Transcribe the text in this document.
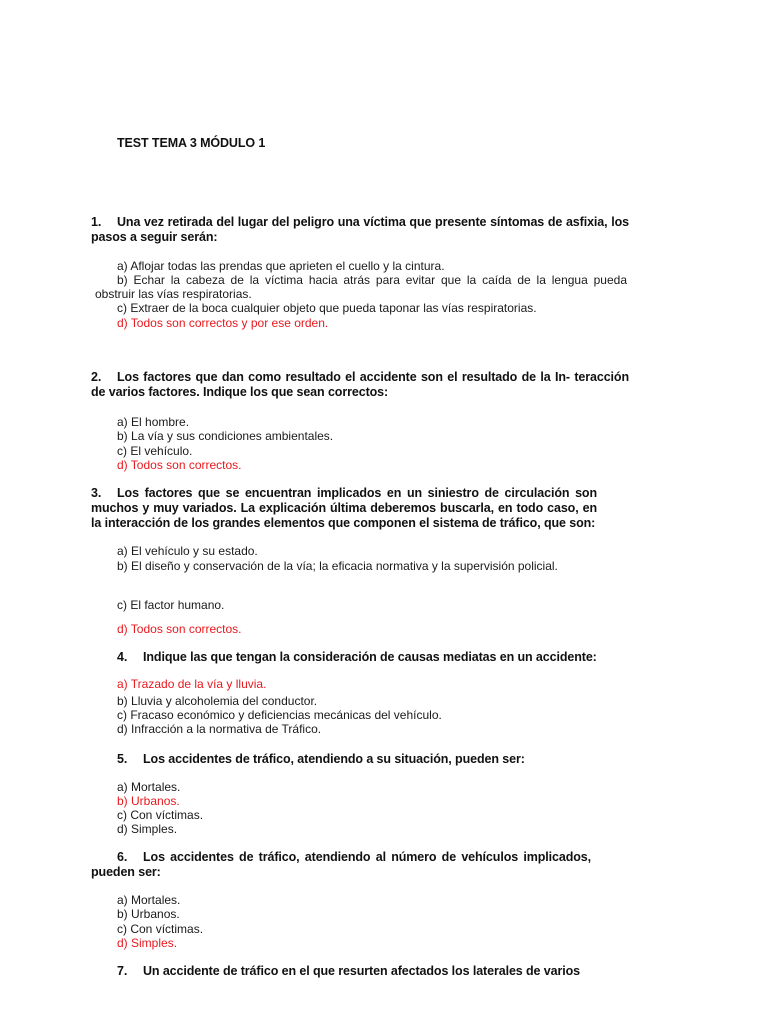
TEST TEMA 3 MÓDULO 1
1. Una vez retirada del lugar del peligro una víctima que presente síntomas de asfixia, los pasos a seguir serán:
a) Aflojar todas las prendas que aprieten el cuello y la cintura.
b) Echar la cabeza de la víctima hacia atrás para evitar que la caída de la lengua pueda obstruir las vías respiratorias.
c) Extraer de la boca cualquier objeto que pueda taponar las vías respiratorias.
d) Todos son correctos y por ese orden.
2. Los factores que dan como resultado el accidente son el resultado de la In- teracción de varios factores. Indique los que sean correctos:
a) El hombre.
b) La vía y sus condiciones ambientales.
c) El vehículo.
d) Todos son correctos.
3. Los factores que se encuentran implicados en un siniestro de circulación son muchos y muy variados. La explicación última deberemos buscarla, en todo caso, en la interacción de los grandes elementos que componen el sistema de tráfico, que son:
a) El vehículo y su estado.
b) El diseño y conservación de la vía; la eficacia normativa y la supervisión policial.
c) El factor humano.
d) Todos son correctos.
4. Indique las que tengan la consideración de causas mediatas en un accidente:
a) Trazado de la vía y lluvia.
b) Lluvia y alcoholemia del conductor.
c) Fracaso económico y deficiencias mecánicas del vehículo.
d) Infracción a la normativa de Tráfico.
5. Los accidentes de tráfico, atendiendo a su situación, pueden ser:
a) Mortales.
b) Urbanos.
c) Con víctimas.
d) Simples.
6. Los accidentes de tráfico, atendiendo al número de vehículos implicados, pueden ser:
a) Mortales.
b) Urbanos.
c) Con víctimas.
d) Simples.
7. Un accidente de tráfico en el que resurten afectados los laterales de varios
